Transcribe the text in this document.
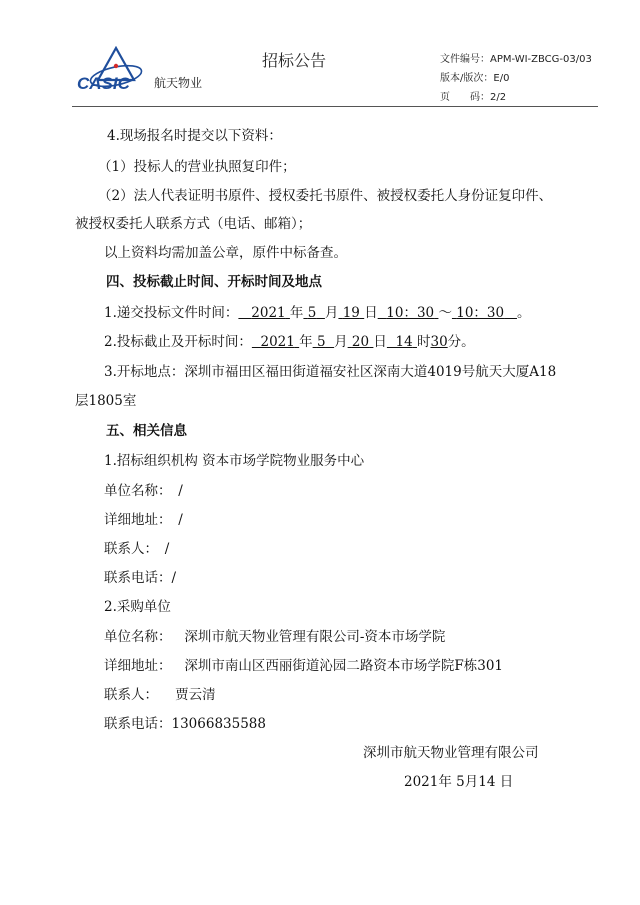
CASIC 航天物业
招标公告	文件编号：APM-WI-ZBCG-03/03
版本/版次：E/0
页　　码：2/2
4.现场报名时提交以下资料：
（1）投标人的营业执照复印件；
（2）法人代表证明书原件、授权委托书原件、被授权委托人身份证复印件、
被授权委托人联系方式（电话、邮箱）；
以上资料均需加盖公章，原件中标备查。
四、投标截止时间、开标时间及地点
1.递交投标文件时间： 2021 年 5 月 19 日 10：30 ～ 10：30 。
2.投标截止及开标时间： 2021 年 5 月 20 日 14 时30分。
3.开标地点：深圳市福田区福田街道福安社区深南大道4019号航天大厦A18
层1805室
五、相关信息
1.招标组织机构 资本市场学院物业服务中心
单位名称：　/
详细地址：　/
联系人：　/
联系电话：/
2.采购单位
单位名称： 深圳市航天物业管理有限公司-资本市场学院
详细地址： 深圳市南山区西丽街道沁园二路资本市场学院F栋301
联系人： 贾云清
联系电话：13066835588
深圳市航天物业管理有限公司
2021年 5月14 日
